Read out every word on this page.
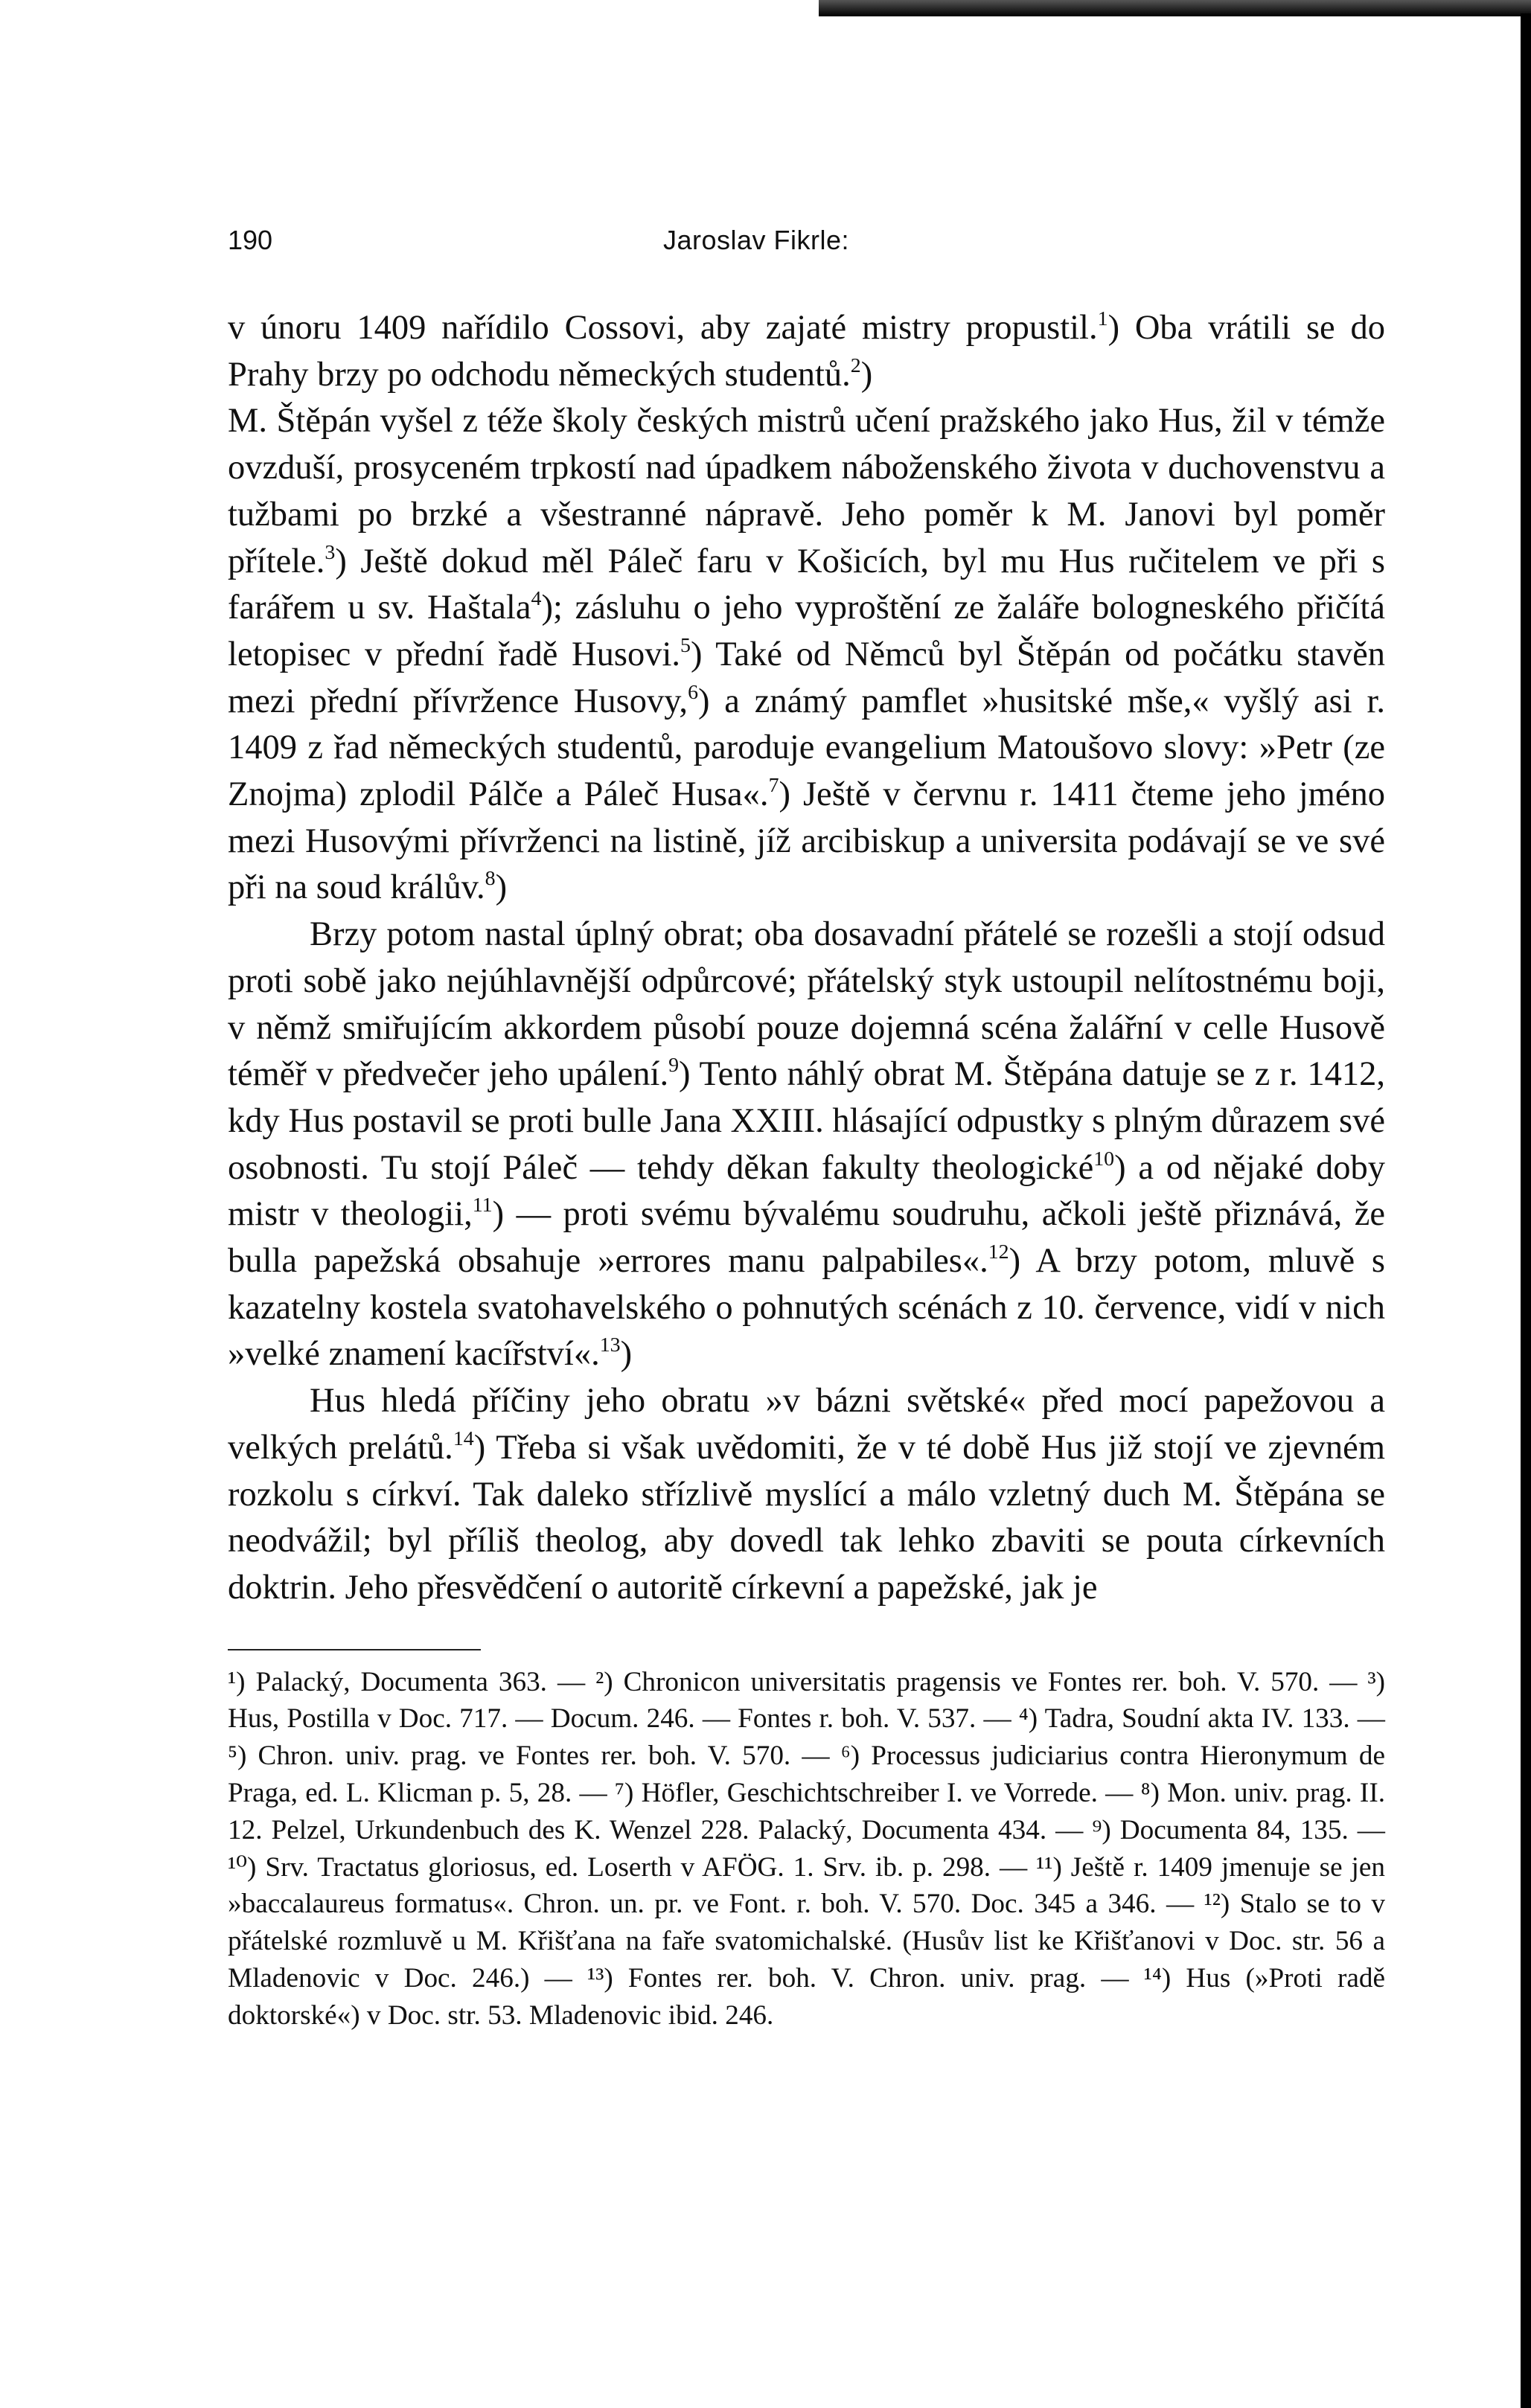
190	Jaroslav Fikrle:

v únoru 1409 nařídilo Cossovi, aby zajaté mistry propustil.$^1$) Oba vrátili se do Prahy brzy po odchodu německých studentů.$^2$)

M. Štěpán vyšel z téže školy českých mistrů učení pražského jako Hus, žil v témže ovzduší, prosyceném trpkostí nad úpadkem náboženského života v duchovenstvu a tužbami po brzké a všestranné nápravě. Jeho poměr k M. Janovi byl poměr přítele.$^3$) Ještě dokud měl Páleč faru v Košicích, byl mu Hus ručitelem ve při s farářem u sv. Haštala$^4$); zásluhu o jeho vyproštění ze žaláře bologneského přičítá letopisec v přední řadě Husovi.$^5$) Také od Němců byl Štěpán od počátku stavěn mezi přední přívržence Husovy,$^6$) a známý pamflet »husitské mše,« vyšlý asi r. 1409 z řad německých studentů, paroduje evangelium Matoušovo slovy: »Petr (ze Znojma) zplodil Pálče a Páleč Husa«.$^7$) Ještě v červnu r. 1411 čteme jeho jméno mezi Husovými přívrženci na listině, jíž arcibiskup a universita podávají se ve své při na soud králův.$^8$)

Brzy potom nastal úplný obrat; oba dosavadní přátelé se rozešli a stojí odsud proti sobě jako nejúhlavnější odpůrcové; přátelský styk ustoupil nelítostnému boji, v němž smiřujícím akkordem působí pouze dojemná scéna žalářní v celle Husově téměř v předvečer jeho upálení.$^9$) Tento náhlý obrat M. Štěpána datuje se z r. 1412, kdy Hus postavil se proti bulle Jana XXIII. hlásající odpustky s plným důrazem své osobnosti. Tu stojí Páleč — tehdy děkan fakulty theologické$^{10}$) a od nějaké doby mistr v theologii,$^{11}$) — proti svému bývalému soudruhu, ačkoli ještě přiznává, že bulla papežská obsahuje »errores manu palpabiles«.$^{12}$) A brzy potom, mluvě s kazatelny kostela svatohavelského o pohnutých scénách z 10. července, vidí v nich »velké znamení kacířství«.$^{13}$)

Hus hledá příčiny jeho obratu »v bázni světské« před mocí papežovou a velkých prelátů.$^{14}$) Třeba si však uvědomiti, že v té době Hus již stojí ve zjevném rozkolu s církví. Tak daleko střízlivě myslící a málo vzletný duch M. Štěpána se neodvážil; byl příliš theolog, aby dovedl tak lehko zbaviti se pouta církevních doktrin. Jeho přesvědčení o autoritě církevní a papežské, jak je

¹) Palacký, Documenta 363. — ²) Chronicon universitatis pragensis ve Fontes rer. boh. V. 570. — ³) Hus, Postilla v Doc. 717. — Docum. 246. — Fontes r. boh. V. 537. — ⁴) Tadra, Soudní akta IV. 133. — ⁵) Chron. univ. prag. ve Fontes rer. boh. V. 570. — ⁶) Processus judiciarius contra Hieronymum de Praga, ed. L. Klicman p. 5, 28. — ⁷) Höfler, Geschichtschreiber I. ve Vorrede. — ⁸) Mon. univ. prag. II. 12. Pelzel, Urkundenbuch des K. Wenzel 228. Palacký, Documenta 434. — ⁹) Documenta 84, 135. — ¹⁰) Srv. Tractatus gloriosus, ed. Loserth v AFÖG. 1. Srv. ib. p. 298. — ¹¹) Ještě r. 1409 jmenuje se jen »baccalaureus formatus«. Chron. un. pr. ve Font. r. boh. V. 570. Doc. 345 a 346. — ¹²) Stalo se to v přátelské rozmluvě u M. Křišťana na faře svatomichalské. (Husův list ke Křišťanovi v Doc. str. 56 a Mladenovic v Doc. 246.) — ¹³) Fontes rer. boh. V. Chron. univ. prag. — ¹⁴) Hus (»Proti radě doktorské«) v Doc. str. 53. Mladenovic ibid. 246.
